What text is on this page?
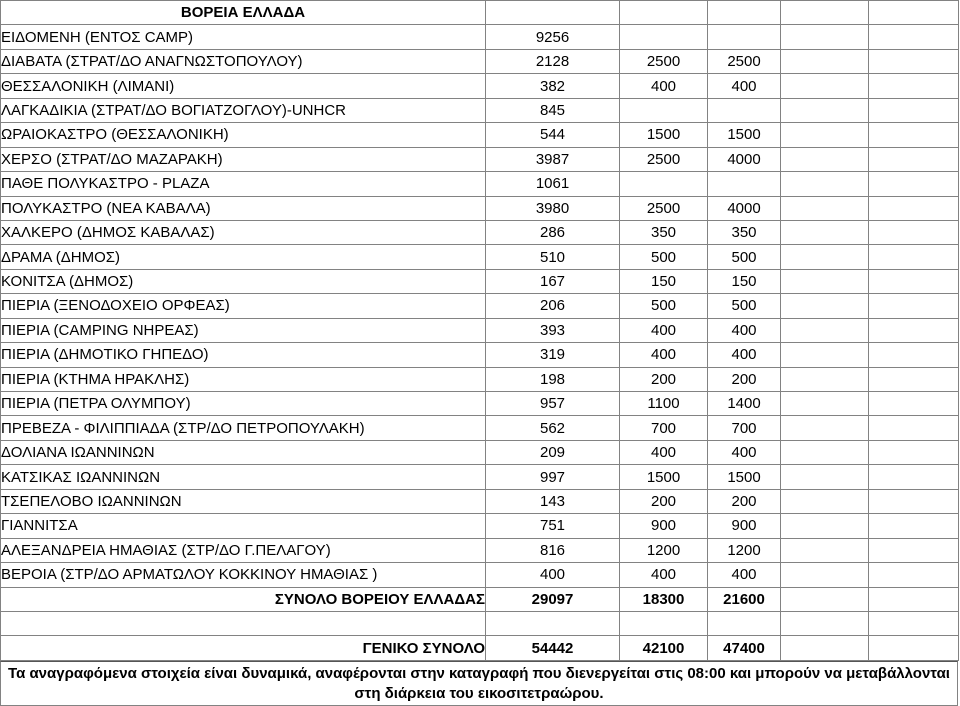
ΒΟΡΕΙΑ ΕΛΛΑΔΑ					
ΕΙΔΟΜΕΝΗ (ΕΝΤΟΣ CAMP)	9256				
ΔΙΑΒΑΤΑ (ΣΤΡΑΤ/ΔΟ ΑΝΑΓΝΩΣΤΟΠΟΥΛΟΥ)	2128	2500	2500		
ΘΕΣΣΑΛΟΝΙΚΗ (ΛΙΜΑΝΙ)	382	400	400		
ΛΑΓΚΑΔΙΚΙΑ (ΣΤΡΑΤ/ΔΟ ΒΟΓΙΑΤΖΟΓΛΟΥ)-UNHCR	845				
ΩΡΑΙΟΚΑΣΤΡΟ (ΘΕΣΣΑΛΟΝΙΚΗ)	544	1500	1500		
ΧΕΡΣΟ (ΣΤΡΑΤ/ΔΟ ΜΑΖΑΡΑΚΗ)	3987	2500	4000		
ΠΑΘΕ ΠΟΛΥΚΑΣΤΡΟ - PLAZA	1061				
ΠΟΛΥΚΑΣΤΡΟ (ΝΕΑ ΚΑΒΑΛΑ)	3980	2500	4000		
ΧΑΛΚΕΡΟ (ΔΗΜΟΣ ΚΑΒΑΛΑΣ)	286	350	350		
ΔΡΑΜΑ (ΔΗΜΟΣ)	510	500	500		
ΚΟΝΙΤΣΑ (ΔΗΜΟΣ)	167	150	150		
ΠΙΕΡΙΑ (ΞΕΝΟΔΟΧΕΙΟ ΟΡΦΕΑΣ)	206	500	500		
ΠΙΕΡΙΑ (CAMPING ΝΗΡΕΑΣ)	393	400	400		
ΠΙΕΡΙΑ (ΔΗΜΟΤΙΚΟ ΓΗΠΕΔΟ)	319	400	400		
ΠΙΕΡΙΑ (ΚΤΗΜΑ ΗΡΑΚΛΗΣ)	198	200	200		
ΠΙΕΡΙΑ (ΠΕΤΡΑ ΟΛΥΜΠΟΥ)	957	1100	1400		
ΠΡΕΒΕΖΑ - ΦΙΛΙΠΠΙΑΔΑ (ΣΤΡ/ΔΟ ΠΕΤΡΟΠΟΥΛΑΚΗ)	562	700	700		
ΔΟΛΙΑΝΑ ΙΩΑΝΝΙΝΩΝ	209	400	400		
ΚΑΤΣΙΚΑΣ ΙΩΑΝΝΙΝΩΝ	997	1500	1500		
ΤΣΕΠΕΛΟΒΟ ΙΩΑΝΝΙΝΩΝ	143	200	200		
ΓΙΑΝΝΙΤΣΑ	751	900	900		
ΑΛΕΞΑΝΔΡΕΙΑ ΗΜΑΘΙΑΣ (ΣΤΡ/ΔΟ Γ.ΠΕΛΑΓΟΥ)	816	1200	1200		
ΒΕΡΟΙΑ (ΣΤΡ/ΔΟ ΑΡΜΑΤΩΛΟΥ ΚΟΚΚΙΝΟΥ ΗΜΑΘΙΑΣ )	400	400	400		
ΣΥΝΟΛΟ ΒΟΡΕΙΟΥ ΕΛΛΑΔΑΣ	29097	18300	21600		

ΓΕΝΙΚΟ ΣΥΝΟΛΟ	54442	42100	47400		
Τα αναγραφόμενα στοιχεία είναι δυναμικά, αναφέρονται στην καταγραφή που διενεργείται στις 08:00 και μπορούν να μεταβάλλονται
στη διάρκεια του εικοσιτετραώρου.
